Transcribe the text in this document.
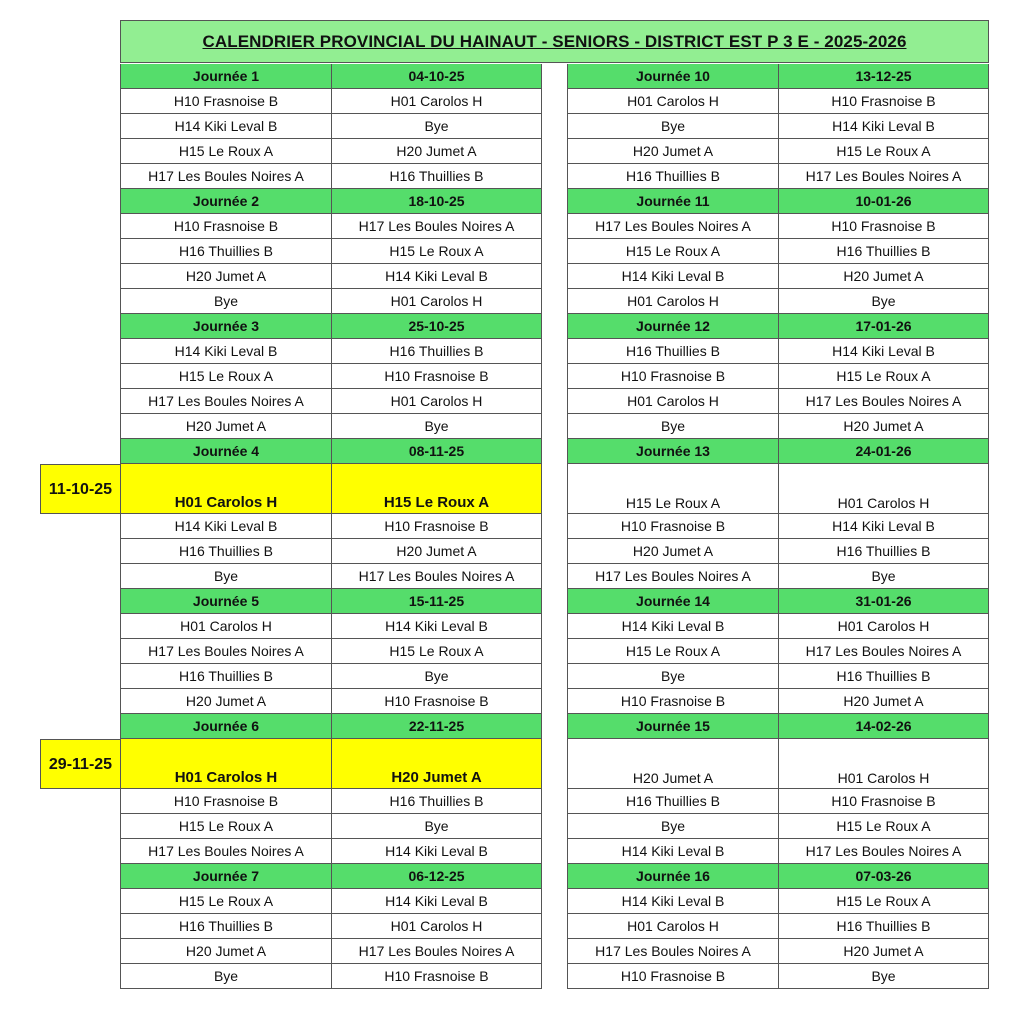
CALENDRIER PROVINCIAL DU HAINAUT - SENIORS - DISTRICT EST P 3 E - 2025-2026
Journée 1	04-10-25
H10 Frasnoise B	H01 Carolos H
H14 Kiki Leval B	Bye
H15 Le Roux A	H20 Jumet A
H17 Les Boules Noires A	H16 Thuillies B
Journée 2	18-10-25
H10 Frasnoise B	H17 Les Boules Noires A
H16 Thuillies B	H15 Le Roux A
H20 Jumet A	H14 Kiki Leval B
Bye	H01 Carolos H
Journée 3	25-10-25
H14 Kiki Leval B	H16 Thuillies B
H15 Le Roux A	H10 Frasnoise B
H17 Les Boules Noires A	H01 Carolos H
H20 Jumet A	Bye
Journée 4	08-11-25
H01 Carolos H	H15 Le Roux A
H14 Kiki Leval B	H10 Frasnoise B
H16 Thuillies B	H20 Jumet A
Bye	H17 Les Boules Noires A
Journée 5	15-11-25
H01 Carolos H	H14 Kiki Leval B
H17 Les Boules Noires A	H15 Le Roux A
H16 Thuillies B	Bye
H20 Jumet A	H10 Frasnoise B
Journée 6	22-11-25
H01 Carolos H	H20 Jumet A
H10 Frasnoise B	H16 Thuillies B
H15 Le Roux A	Bye
H17 Les Boules Noires A	H14 Kiki Leval B
Journée 7	06-12-25
H15 Le Roux A	H14 Kiki Leval B
H16 Thuillies B	H01 Carolos H
H20 Jumet A	H17 Les Boules Noires A
Bye	H10 Frasnoise B
Journée 10	13-12-25
H01 Carolos H	H10 Frasnoise B
Bye	H14 Kiki Leval B
H20 Jumet A	H15 Le Roux A
H16 Thuillies B	H17 Les Boules Noires A
Journée 11	10-01-26
H17 Les Boules Noires A	H10 Frasnoise B
H15 Le Roux A	H16 Thuillies B
H14 Kiki Leval B	H20 Jumet A
H01 Carolos H	Bye
Journée 12	17-01-26
H16 Thuillies B	H14 Kiki Leval B
H10 Frasnoise B	H15 Le Roux A
H01 Carolos H	H17 Les Boules Noires A
Bye	H20 Jumet A
Journée 13	24-01-26
H15 Le Roux A	H01 Carolos H
H10 Frasnoise B	H14 Kiki Leval B
H20 Jumet A	H16 Thuillies B
H17 Les Boules Noires A	Bye
Journée 14	31-01-26
H14 Kiki Leval B	H01 Carolos H
H15 Le Roux A	H17 Les Boules Noires A
Bye	H16 Thuillies B
H10 Frasnoise B	H20 Jumet A
Journée 15	14-02-26
H20 Jumet A	H01 Carolos H
H16 Thuillies B	H10 Frasnoise B
Bye	H15 Le Roux A
H14 Kiki Leval B	H17 Les Boules Noires A
Journée 16	07-03-26
H14 Kiki Leval B	H15 Le Roux A
H01 Carolos H	H16 Thuillies B
H17 Les Boules Noires A	H20 Jumet A
H10 Frasnoise B	Bye
11-10- 25
29-11- 25
